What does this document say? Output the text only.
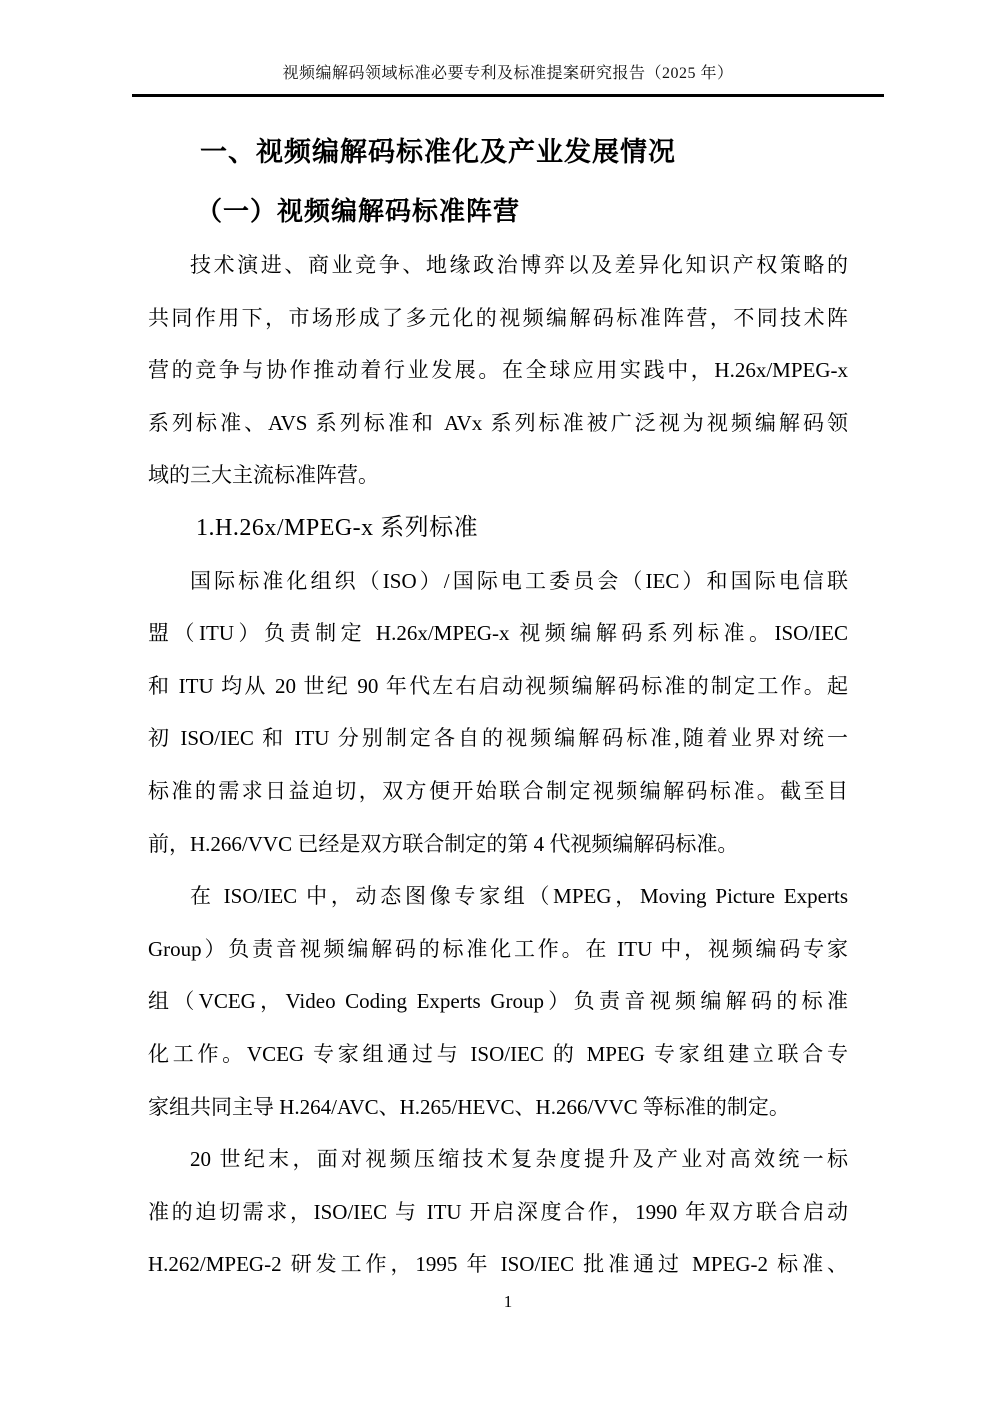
视频编解码领域标准必要专利及标准提案研究报告（2025 年）
一、视频编解码标准化及产业发展情况
（一）视频编解码标准阵营
技术演进、商业竞争、地缘政治博弈以及差异化知识产权策略的
共同作用下，市场形成了多元化的视频编解码标准阵营，不同技术阵
营的竞争与协作推动着行业发展。在全球应用实践中，H.26x/MPEG-x
系列标准、AVS 系列标准和 AVx 系列标准被广泛视为视频编解码领
域的三大主流标准阵营。
1.H.26x/MPEG-x 系列标准
国际标准化组织（ISO）/国际电工委员会（IEC）和国际电信联
盟（ITU）负责制定 H.26x/MPEG-x 视频编解码系列标准。ISO/IEC
和 ITU 均从 20 世纪 90 年代左右启动视频编解码标准的制定工作。起
初 ISO/IEC 和 ITU 分别制定各自的视频编解码标准,随着业界对统一
标准的需求日益迫切，双方便开始联合制定视频编解码标准。截至目
前，H.266/VVC 已经是双方联合制定的第 4 代视频编解码标准。
在 ISO/IEC 中，动态图像专家组（MPEG，Moving Picture Experts
Group）负责音视频编解码的标准化工作。在 ITU 中，视频编码专家
组（VCEG，Video Coding Experts Group）负责音视频编解码的标准
化工作。VCEG 专家组通过与 ISO/IEC 的 MPEG 专家组建立联合专
家组共同主导 H.264/AVC、H.265/HEVC、H.266/VVC 等标准的制定。
20 世纪末，面对视频压缩技术复杂度提升及产业对高效统一标
准的迫切需求，ISO/IEC 与 ITU 开启深度合作，1990 年双方联合启动
H.262/MPEG-2 研发工作，1995 年 ISO/IEC 批准通过 MPEG-2 标准、
1
